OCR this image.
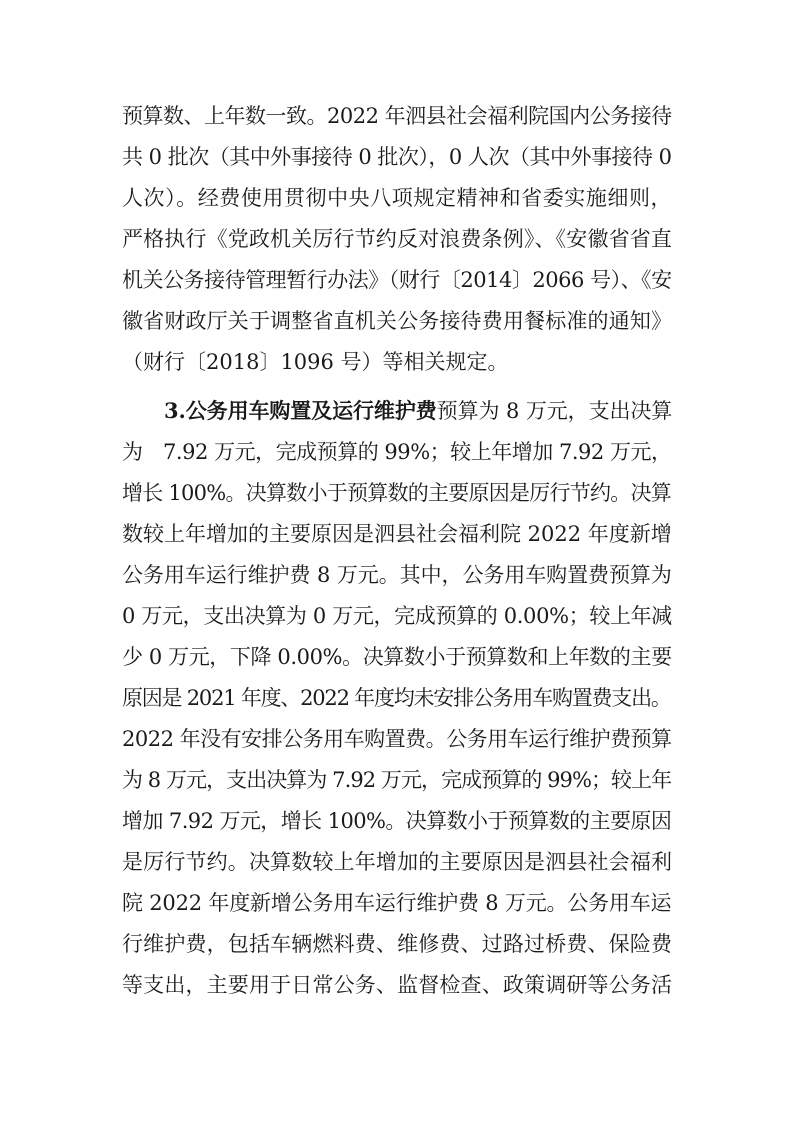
预算数、上年数一致。2022 年泗县社会福利院国内公务接待
共 0 批次（其中外事接待 0 批次），0 人次（其中外事接待 0
人次）。经费使用贯彻中央八项规定精神和省委实施细则，
严格执行《党政机关厉行节约反对浪费条例》、《安徽省省直
机关公务接待管理暂行办法》（财行〔2014〕2066 号）、《安
徽省财政厅关于调整省直机关公务接待费用餐标准的通知》
（财行〔2018〕1096 号）等相关规定。
3.公务用车购置及运行维护费预算为 8 万元，支出决算
为　7.92 万元，完成预算的 99%；较上年增加 7.92 万元，
增长 100%。决算数小于预算数的主要原因是厉行节约。决算
数较上年增加的主要原因是泗县社会福利院 2022 年度新增
公务用车运行维护费 8 万元。其中，公务用车购置费预算为
0 万元，支出决算为 0 万元，完成预算的 0.00%；较上年减
少 0 万元，下降 0.00%。决算数小于预算数和上年数的主要
原因是 2021 年度、2022 年度均未安排公务用车购置费支出。
2022 年没有安排公务用车购置费。公务用车运行维护费预算
为 8 万元，支出决算为 7.92 万元，完成预算的 99%；较上年
增加 7.92 万元，增长 100%。决算数小于预算数的主要原因
是厉行节约。决算数较上年增加的主要原因是泗县社会福利
院 2022 年度新增公务用车运行维护费 8 万元。公务用车运
行维护费，包括车辆燃料费、维修费、过路过桥费、保险费
等支出，主要用于日常公务、监督检查、政策调研等公务活
